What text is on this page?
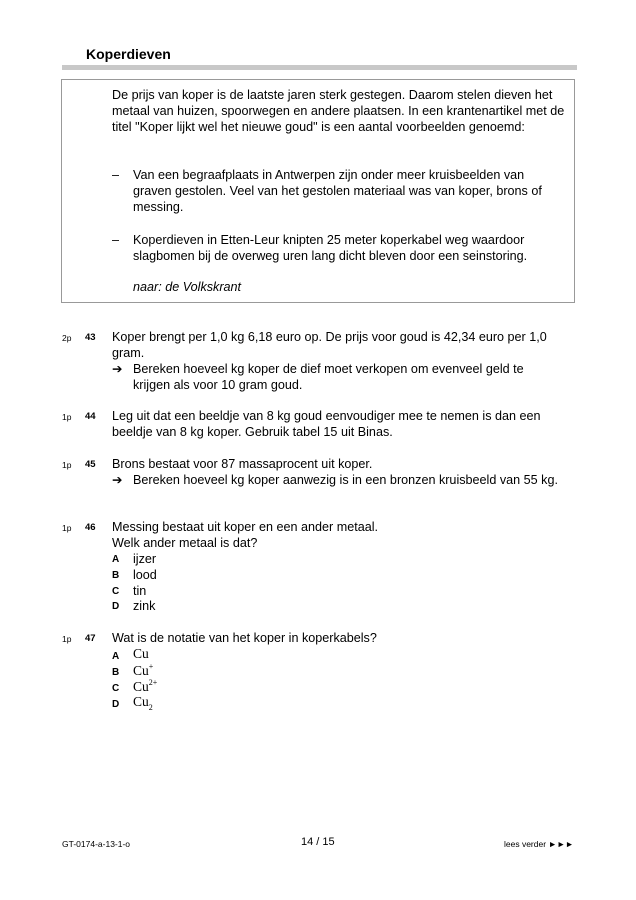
Koperdieven
De prijs van koper is de laatste jaren sterk gestegen. Daarom stelen dieven het metaal van huizen, spoorwegen en andere plaatsen. In een krantenartikel met de titel "Koper lijkt wel het nieuwe goud" is een aantal voorbeelden genoemd:
–	Van een begraafplaats in Antwerpen zijn onder meer kruisbeelden van graven gestolen. Veel van het gestolen materiaal was van koper, brons of messing.
–	Koperdieven in Etten-Leur knipten 25 meter koperkabel weg waardoor slagbomen bij de overweg uren lang dicht bleven door een seinstoring.
naar: de Volkskrant
2p 43 Koper brengt per 1,0 kg 6,18 euro op. De prijs voor goud is 42,34 euro per 1,0 gram.
➔ Bereken hoeveel kg koper de dief moet verkopen om evenveel geld te krijgen als voor 10 gram goud.
1p 44 Leg uit dat een beeldje van 8 kg goud eenvoudiger mee te nemen is dan een beeldje van 8 kg koper. Gebruik tabel 15 uit Binas.
1p 45 Brons bestaat voor 87 massaprocent uit koper.
➔ Bereken hoeveel kg koper aanwezig is in een bronzen kruisbeeld van 55 kg.
1p 46 Messing bestaat uit koper en een ander metaal.
Welk ander metaal is dat?
A ijzer
B lood
C tin
D zink
1p 47 Wat is de notatie van het koper in koperkabels?
A Cu
B Cu+
C $Cu^{2+}$
D $Cu_2$
GT-0174-a-13-1-o	14 / 15	lees verder ►►►
